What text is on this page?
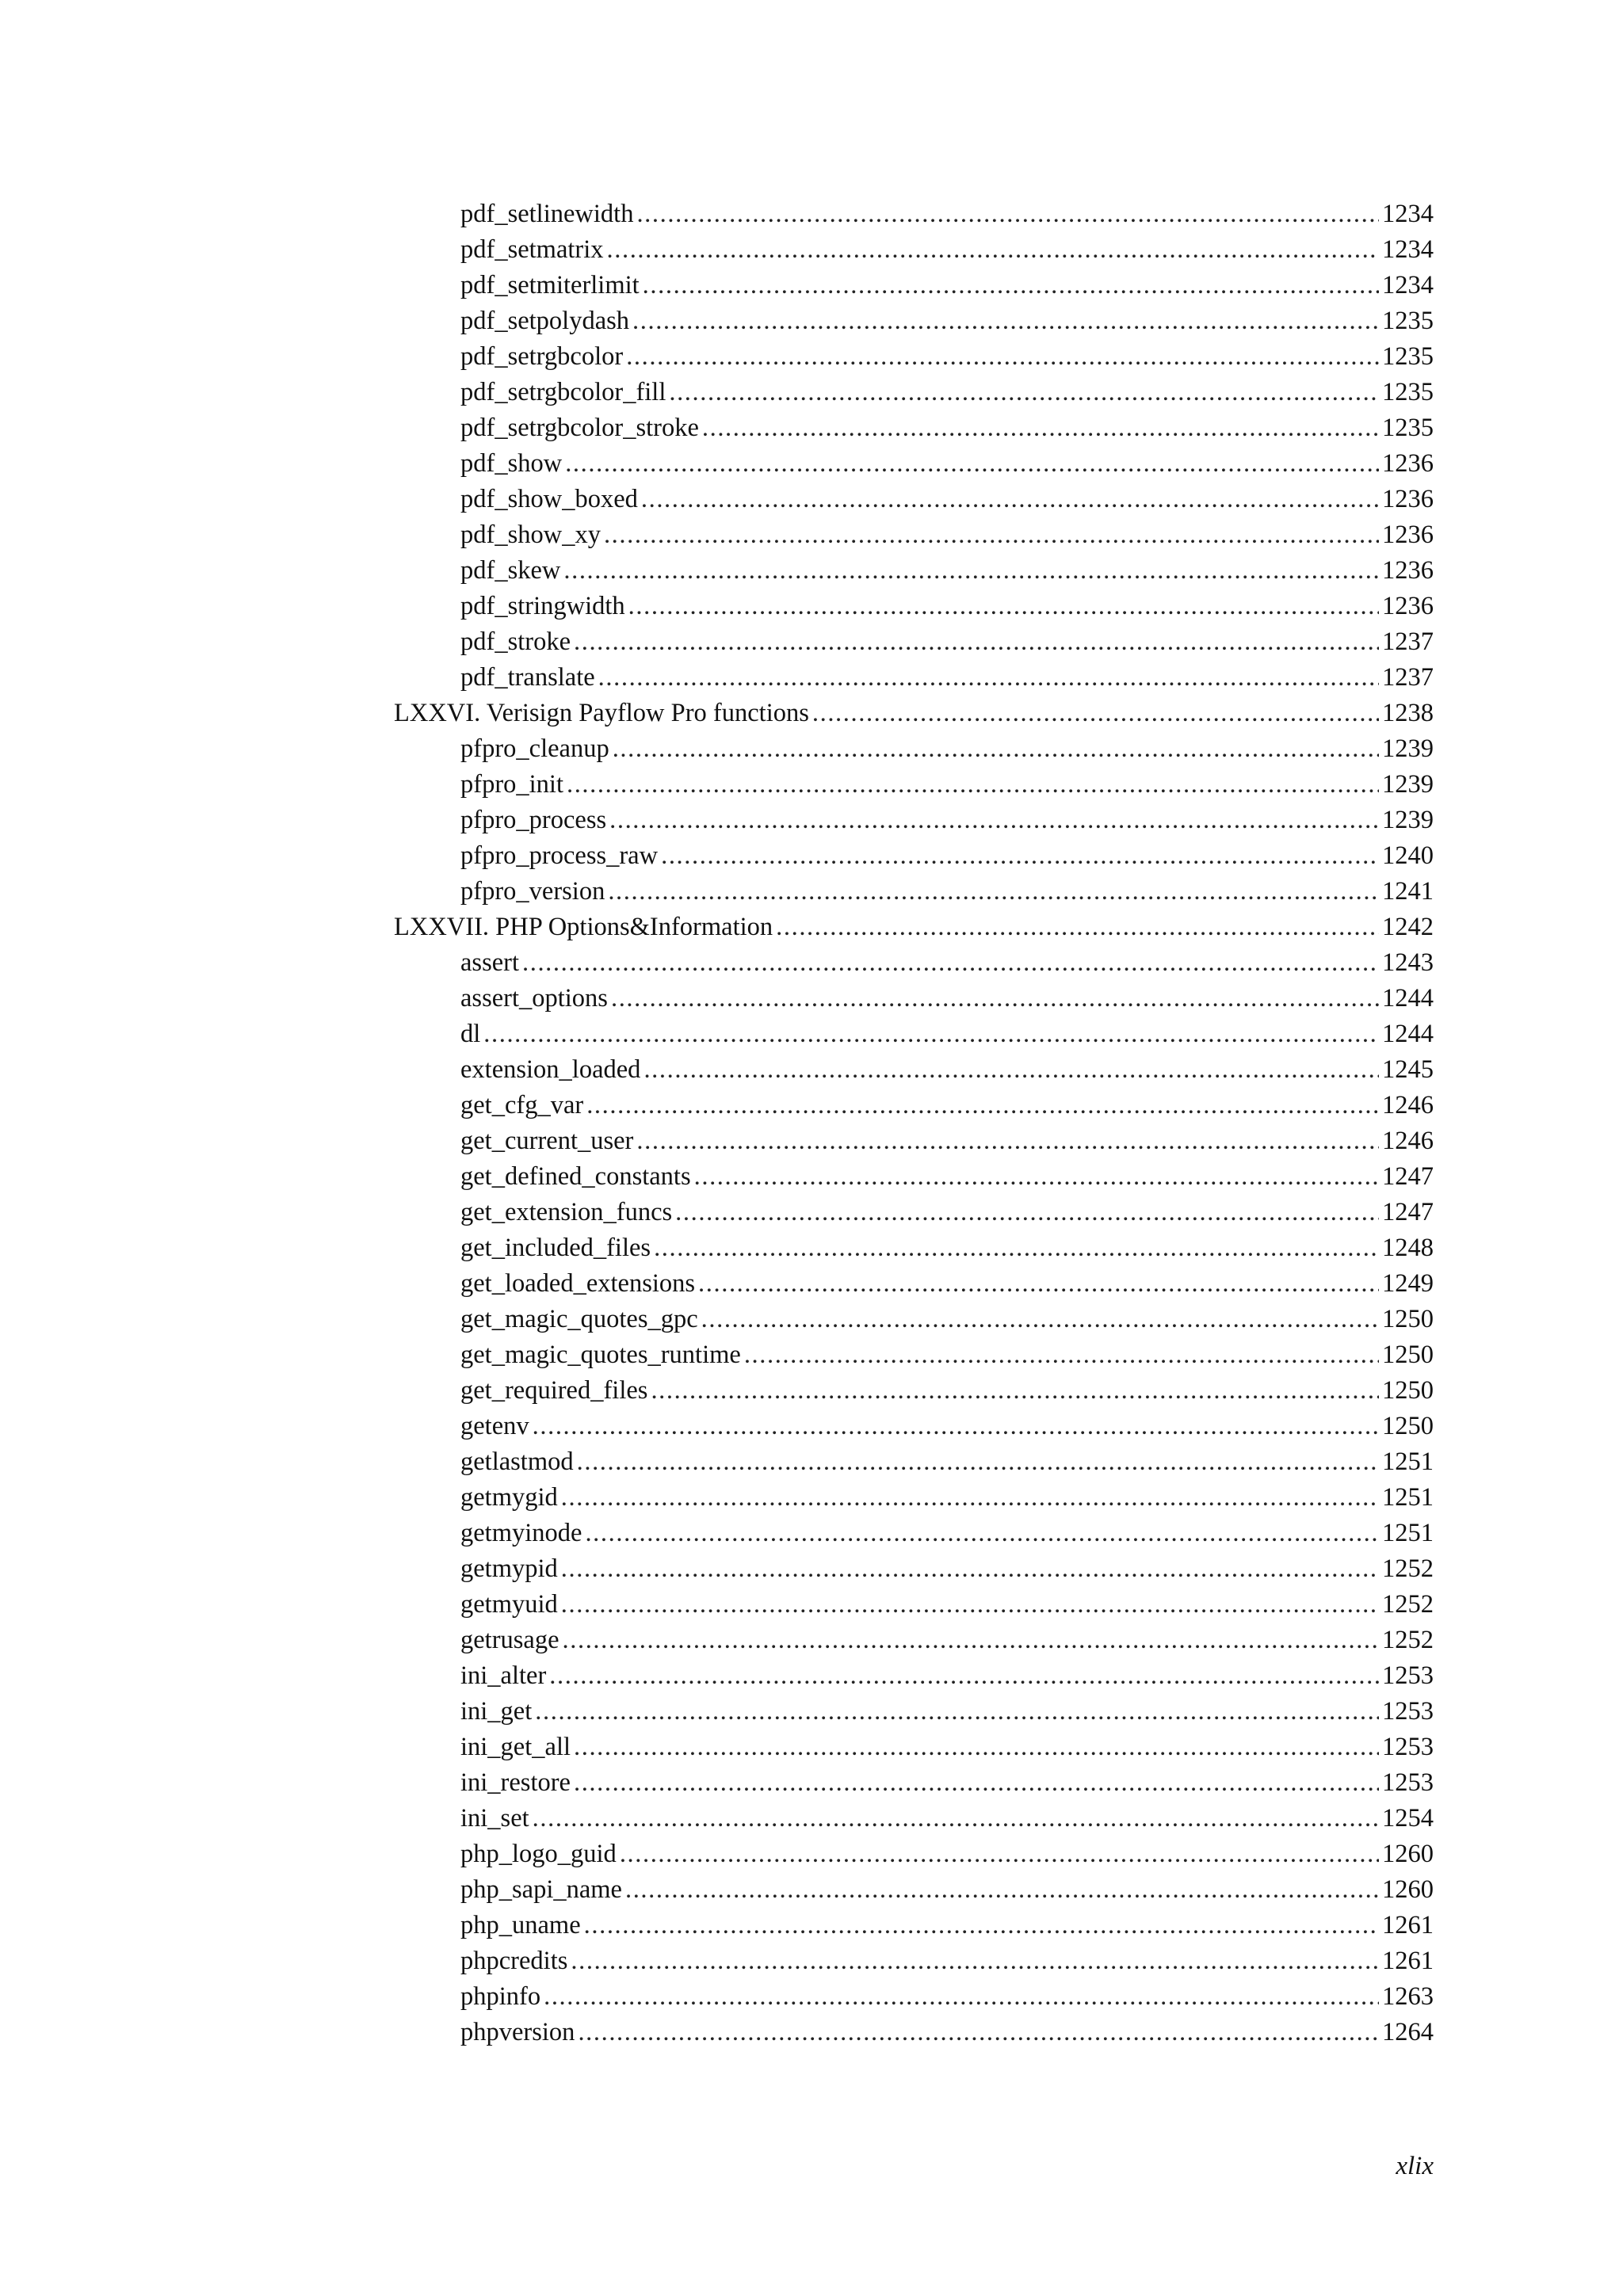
pdf_setlinewidth .....	1234
pdf_setmatrix .....	1234
pdf_setmiterlimit .....	1234
pdf_setpolydash .....	1235
pdf_setrgbcolor .....	1235
pdf_setrgbcolor_fill .....	1235
pdf_setrgbcolor_stroke .....	1235
pdf_show .....	1236
pdf_show_boxed .....	1236
pdf_show_xy .....	1236
pdf_skew .....	1236
pdf_stringwidth .....	1236
pdf_stroke .....	1237
pdf_translate .....	1237
LXXVI. Verisign Payflow Pro functions .....	1238
pfpro_cleanup .....	1239
pfpro_init .....	1239
pfpro_process .....	1239
pfpro_process_raw .....	1240
pfpro_version .....	1241
LXXVII. PHP Options&Information .....	1242
assert .....	1243
assert_options .....	1244
dl .....	1244
extension_loaded .....	1245
get_cfg_var .....	1246
get_current_user .....	1246
get_defined_constants .....	1247
get_extension_funcs .....	1247
get_included_files .....	1248
get_loaded_extensions .....	1249
get_magic_quotes_gpc .....	1250
get_magic_quotes_runtime .....	1250
get_required_files .....	1250
getenv .....	1250
getlastmod .....	1251
getmygid .....	1251
getmyinode .....	1251
getmypid .....	1252
getmyuid .....	1252
getrusage .....	1252
ini_alter .....	1253
ini_get .....	1253
ini_get_all .....	1253
ini_restore .....	1253
ini_set .....	1254
php_logo_guid .....	1260
php_sapi_name .....	1260
php_uname .....	1261
phpcredits .....	1261
phpinfo .....	1263
phpversion .....	1264
xlix
